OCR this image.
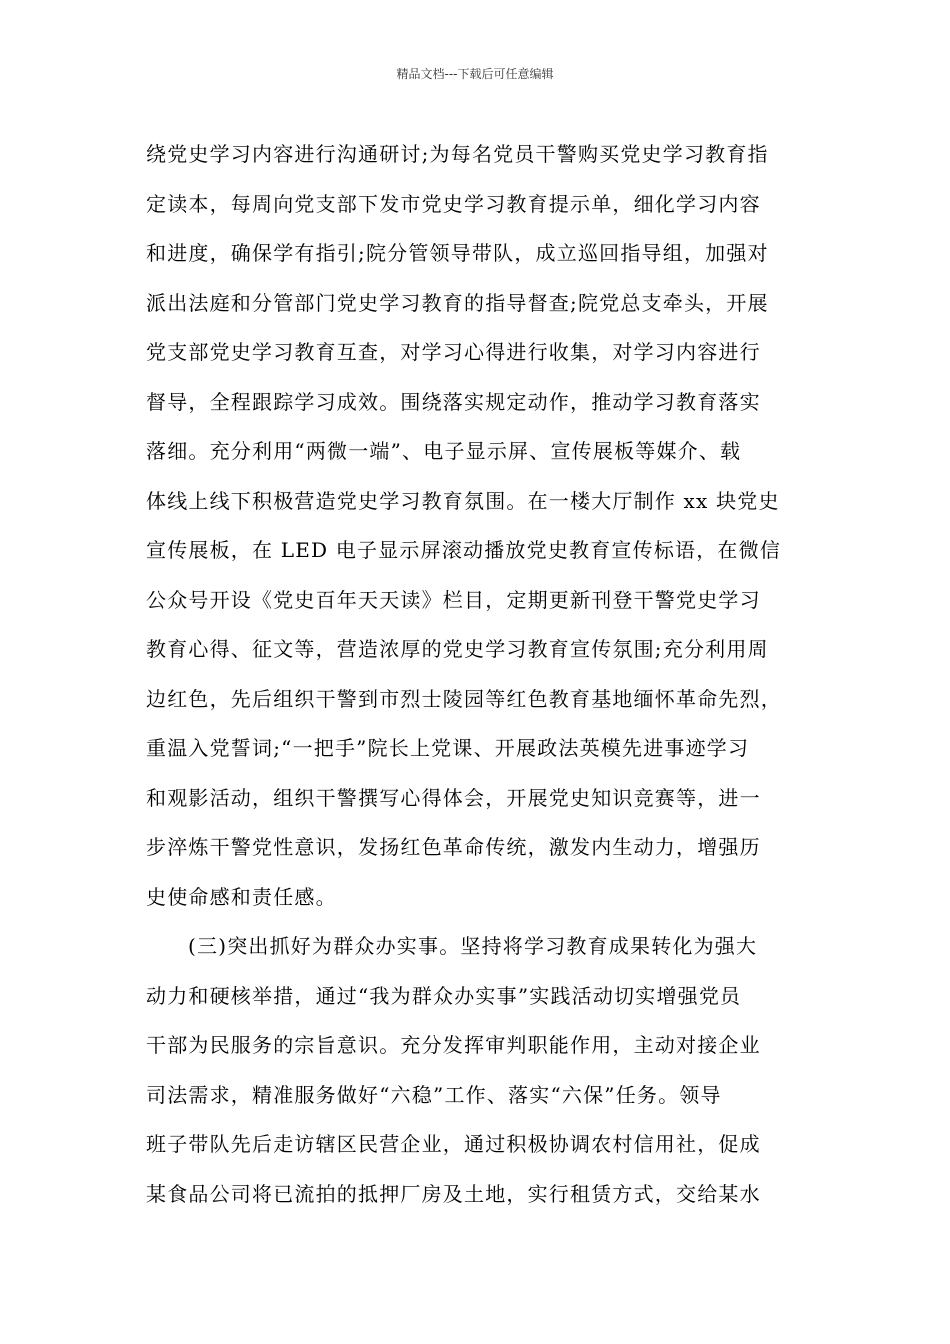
精品文档---下载后可任意编辑
绕党史学习内容进行沟通研讨;为每名党员干警购买党史学习教育指
定读本，每周向党支部下发市党史学习教育提示单，细化学习内容
和进度，确保学有指引;院分管领导带队，成立巡回指导组，加强对
派出法庭和分管部门党史学习教育的指导督查;院党总支牵头，开展
党支部党史学习教育互查，对学习心得进行收集，对学习内容进行
督导，全程跟踪学习成效。围绕落实规定动作，推动学习教育落实
落细。充分利用“两微一端”、电子显示屏、宣传展板等媒介、载
体线上线下积极营造党史学习教育氛围。在一楼大厅制作 xx 块党史
宣传展板，在 LED 电子显示屏滚动播放党史教育宣传标语，在微信
公众号开设《党史百年天天读》栏目，定期更新刊登干警党史学习
教育心得、征文等，营造浓厚的党史学习教育宣传氛围;充分利用周
边红色，先后组织干警到市烈士陵园等红色教育基地缅怀革命先烈，
重温入党誓词;“一把手”院长上党课、开展政法英模先进事迹学习
和观影活动，组织干警撰写心得体会，开展党史知识竞赛等，进一
步淬炼干警党性意识，发扬红色革命传统，激发内生动力，增强历
史使命感和责任感。
(三)突出抓好为群众办实事。坚持将学习教育成果转化为强大
动力和硬核举措，通过“我为群众办实事”实践活动切实增强党员
干部为民服务的宗旨意识。充分发挥审判职能作用，主动对接企业
司法需求，精准服务做好“六稳”工作、落实“六保”任务。领导
班子带队先后走访辖区民营企业，通过积极协调农村信用社，促成
某食品公司将已流拍的抵押厂房及土地，实行租赁方式，交给某水
